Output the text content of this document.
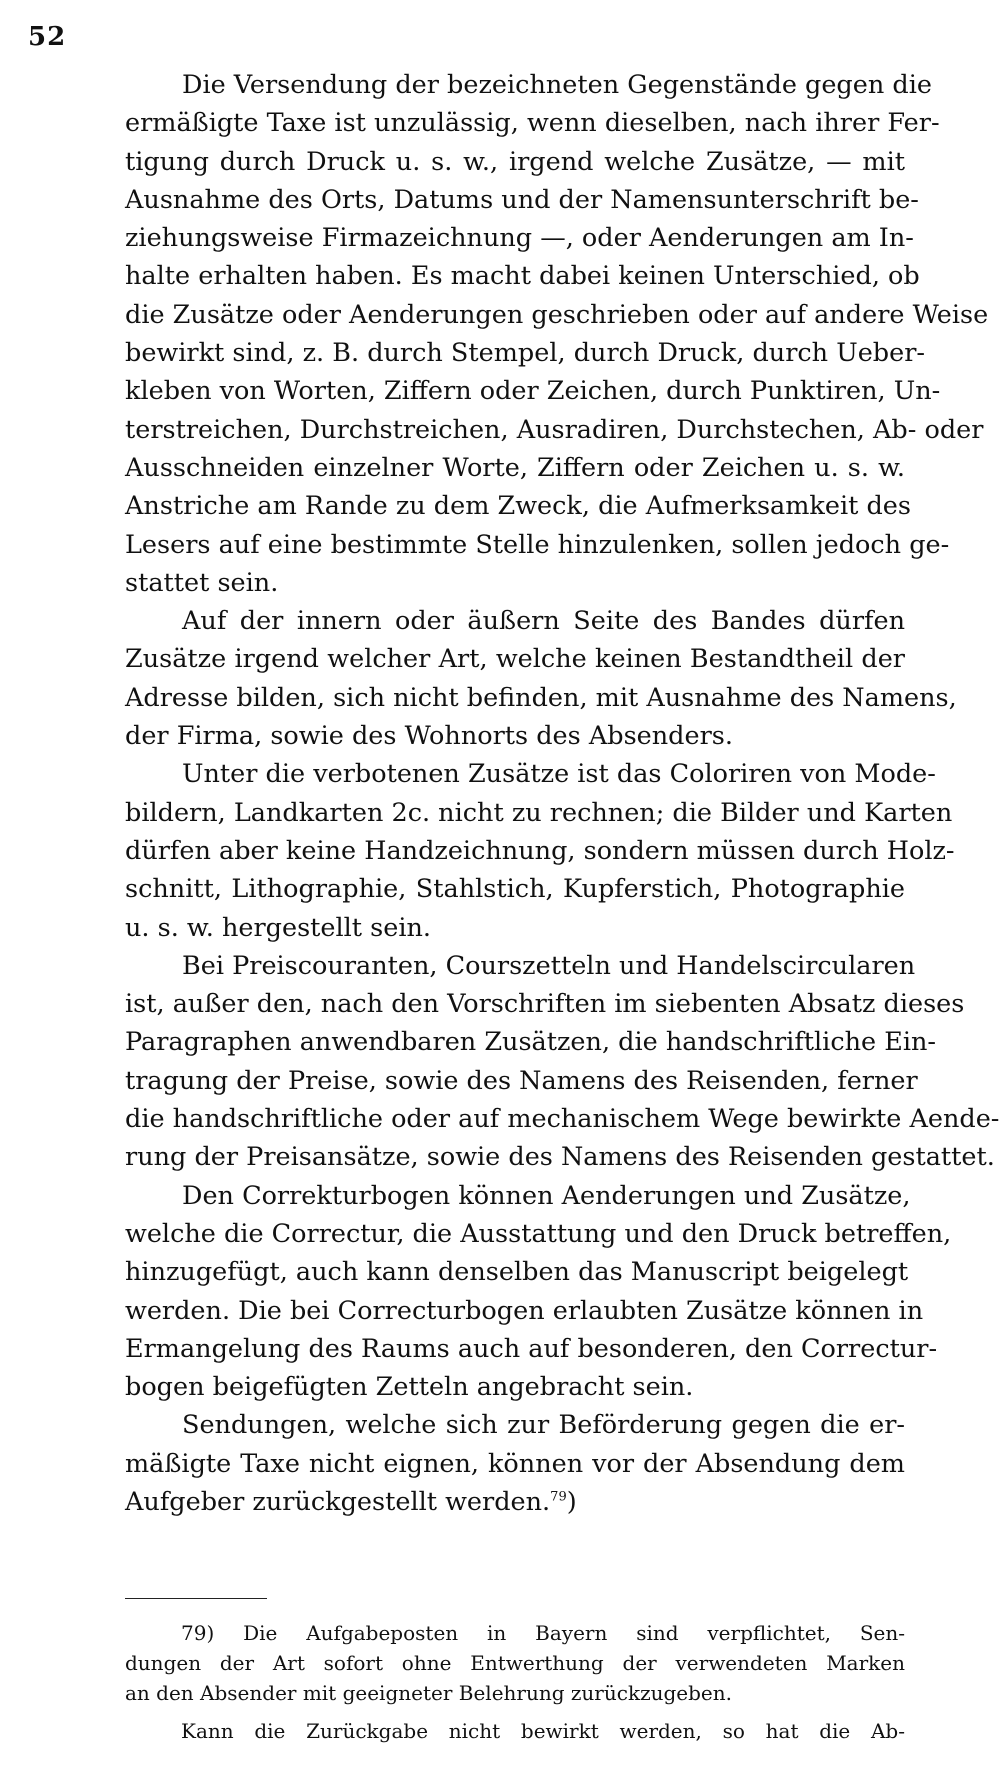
52
Die Versendung der bezeichneten Gegenstände gegen die
ermäßigte Taxe ist unzulässig, wenn dieselben, nach ihrer Fer-
tigung durch Druck u. s. w., irgend welche Zusätze, — mit
Ausnahme des Orts, Datums und der Namensunterschrift be-
ziehungsweise Firmazeichnung —, oder Aenderungen am In-
halte erhalten haben. Es macht dabei keinen Unterschied, ob
die Zusätze oder Aenderungen geschrieben oder auf andere Weise
bewirkt sind, z. B. durch Stempel, durch Druck, durch Ueber-
kleben von Worten, Ziffern oder Zeichen, durch Punktiren, Un-
terstreichen, Durchstreichen, Ausradiren, Durchstechen, Ab- oder
Ausschneiden einzelner Worte, Ziffern oder Zeichen u. s. w.
Anstriche am Rande zu dem Zweck, die Aufmerksamkeit des
Lesers auf eine bestimmte Stelle hinzulenken, sollen jedoch ge-
stattet sein.
Auf der innern oder äußern Seite des Bandes dürfen
Zusätze irgend welcher Art, welche keinen Bestandtheil der
Adresse bilden, sich nicht befinden, mit Ausnahme des Namens,
der Firma, sowie des Wohnorts des Absenders.
Unter die verbotenen Zusätze ist das Coloriren von Mode-
bildern, Landkarten 2c. nicht zu rechnen; die Bilder und Karten
dürfen aber keine Handzeichnung, sondern müssen durch Holz-
schnitt, Lithographie, Stahlstich, Kupferstich, Photographie
u. s. w. hergestellt sein.
Bei Preiscouranten, Courszetteln und Handelscircularen
ist, außer den, nach den Vorschriften im siebenten Absatz dieses
Paragraphen anwendbaren Zusätzen, die handschriftliche Ein-
tragung der Preise, sowie des Namens des Reisenden, ferner
die handschriftliche oder auf mechanischem Wege bewirkte Aende-
rung der Preisansätze, sowie des Namens des Reisenden gestattet.
Den Correkturbogen können Aenderungen und Zusätze,
welche die Correctur, die Ausstattung und den Druck betreffen,
hinzugefügt, auch kann denselben das Manuscript beigelegt
werden. Die bei Correcturbogen erlaubten Zusätze können in
Ermangelung des Raums auch auf besonderen, den Correctur-
bogen beigefügten Zetteln angebracht sein.
Sendungen, welche sich zur Beförderung gegen die er-
mäßigte Taxe nicht eignen, können vor der Absendung dem
Aufgeber zurückgestellt werden.$^{79}$)
79) Die Aufgabeposten in Bayern sind verpflichtet, Sen-
dungen der Art sofort ohne Entwerthung der verwendeten Marken
an den Absender mit geeigneter Belehrung zurückzugeben.
Kann die Zurückgabe nicht bewirkt werden, so hat die Ab-
